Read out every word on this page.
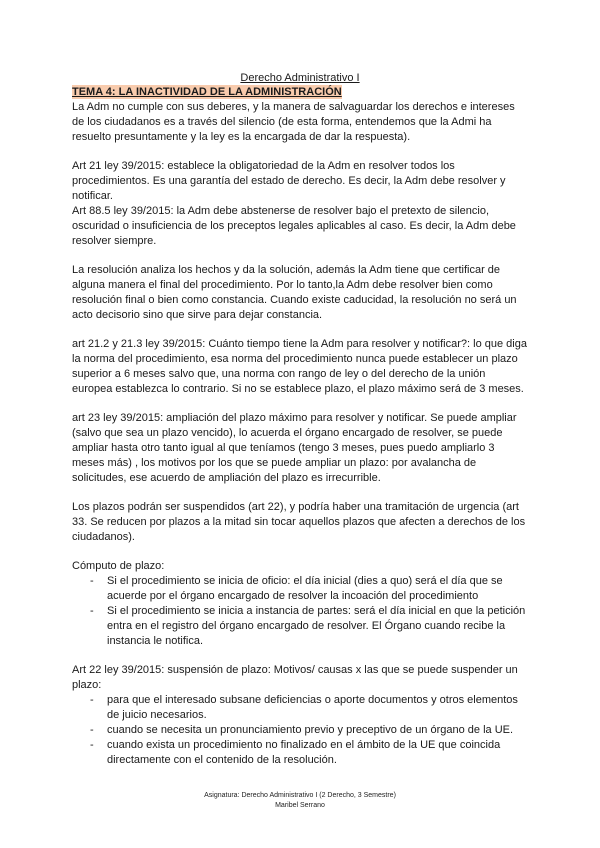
Derecho Administrativo I
TEMA 4: LA INACTIVIDAD DE LA ADMINISTRACIÓN

La Adm no cumple con sus deberes, y la manera de salvaguardar los derechos e intereses de los ciudadanos es a través del silencio (de esta forma, entendemos que la Admi ha resuelto presuntamente y la ley es la encargada de dar la respuesta).

Art 21 ley 39/2015: establece la obligatoriedad de la Adm en resolver todos los procedimientos. Es una garantía del estado de derecho. Es decir, la Adm debe resolver y notificar.

Art 88.5 ley 39/2015: la Adm debe abstenerse de resolver bajo el pretexto de silencio, oscuridad o insuficiencia de los preceptos legales aplicables al caso. Es decir, la Adm debe resolver siempre.

La resolución analiza los hechos y da la solución, además la Adm tiene que certificar de alguna manera el final del procedimiento. Por lo tanto,la Adm debe resolver bien como resolución final o bien como constancia. Cuando existe caducidad, la resolución no será un acto decisorio sino que sirve para dejar constancia.

art 21.2 y 21.3 ley 39/2015: Cuánto tiempo tiene la Adm para resolver y notificar?: lo que diga la norma del procedimiento, esa norma del procedimiento nunca puede establecer un plazo superior a 6 meses salvo que, una norma con rango de ley o del derecho de la unión europea establezca lo contrario. Si no se establece plazo, el plazo máximo será de 3 meses.

art 23 ley 39/2015: ampliación del plazo máximo para resolver y notificar. Se puede ampliar (salvo que sea un plazo vencido), lo acuerda el órgano encargado de resolver, se puede ampliar hasta otro tanto igual al que teníamos (tengo 3 meses, pues puedo ampliarlo 3 meses más) , los motivos por los que se puede ampliar un plazo: por avalancha de solicitudes, ese acuerdo de ampliación del plazo es irrecurrible.

Los plazos podrán ser suspendidos (art 22), y podría haber una tramitación de urgencia (art 33. Se reducen por plazos a la mitad sin tocar aquellos plazos que afecten a derechos de los ciudadanos).

Cómputo de plazo:

- Si el procedimiento se inicia de oficio: el día inicial (dies a quo) será el día que se acuerde por el órgano encargado de resolver la incoación del procedimiento
- Si el procedimiento se inicia a instancia de partes: será el día inicial en que la petición entra en el registro del órgano encargado de resolver. El Órgano cuando recibe la instancia le notifica.

Art 22 ley 39/2015: suspensión de plazo: Motivos/ causas x las que se puede suspender un plazo:

- para que el interesado subsane deficiencias o aporte documentos y otros elementos de juicio necesarios.
- cuando se necesita un pronunciamiento previo y preceptivo de un órgano de la UE.
- cuando exista un procedimiento no finalizado en el ámbito de la UE que coincida directamente con el contenido de la resolución.
Asignatura: Derecho Administrativo I (2 Derecho, 3 Semestre)
Maribel Serrano
